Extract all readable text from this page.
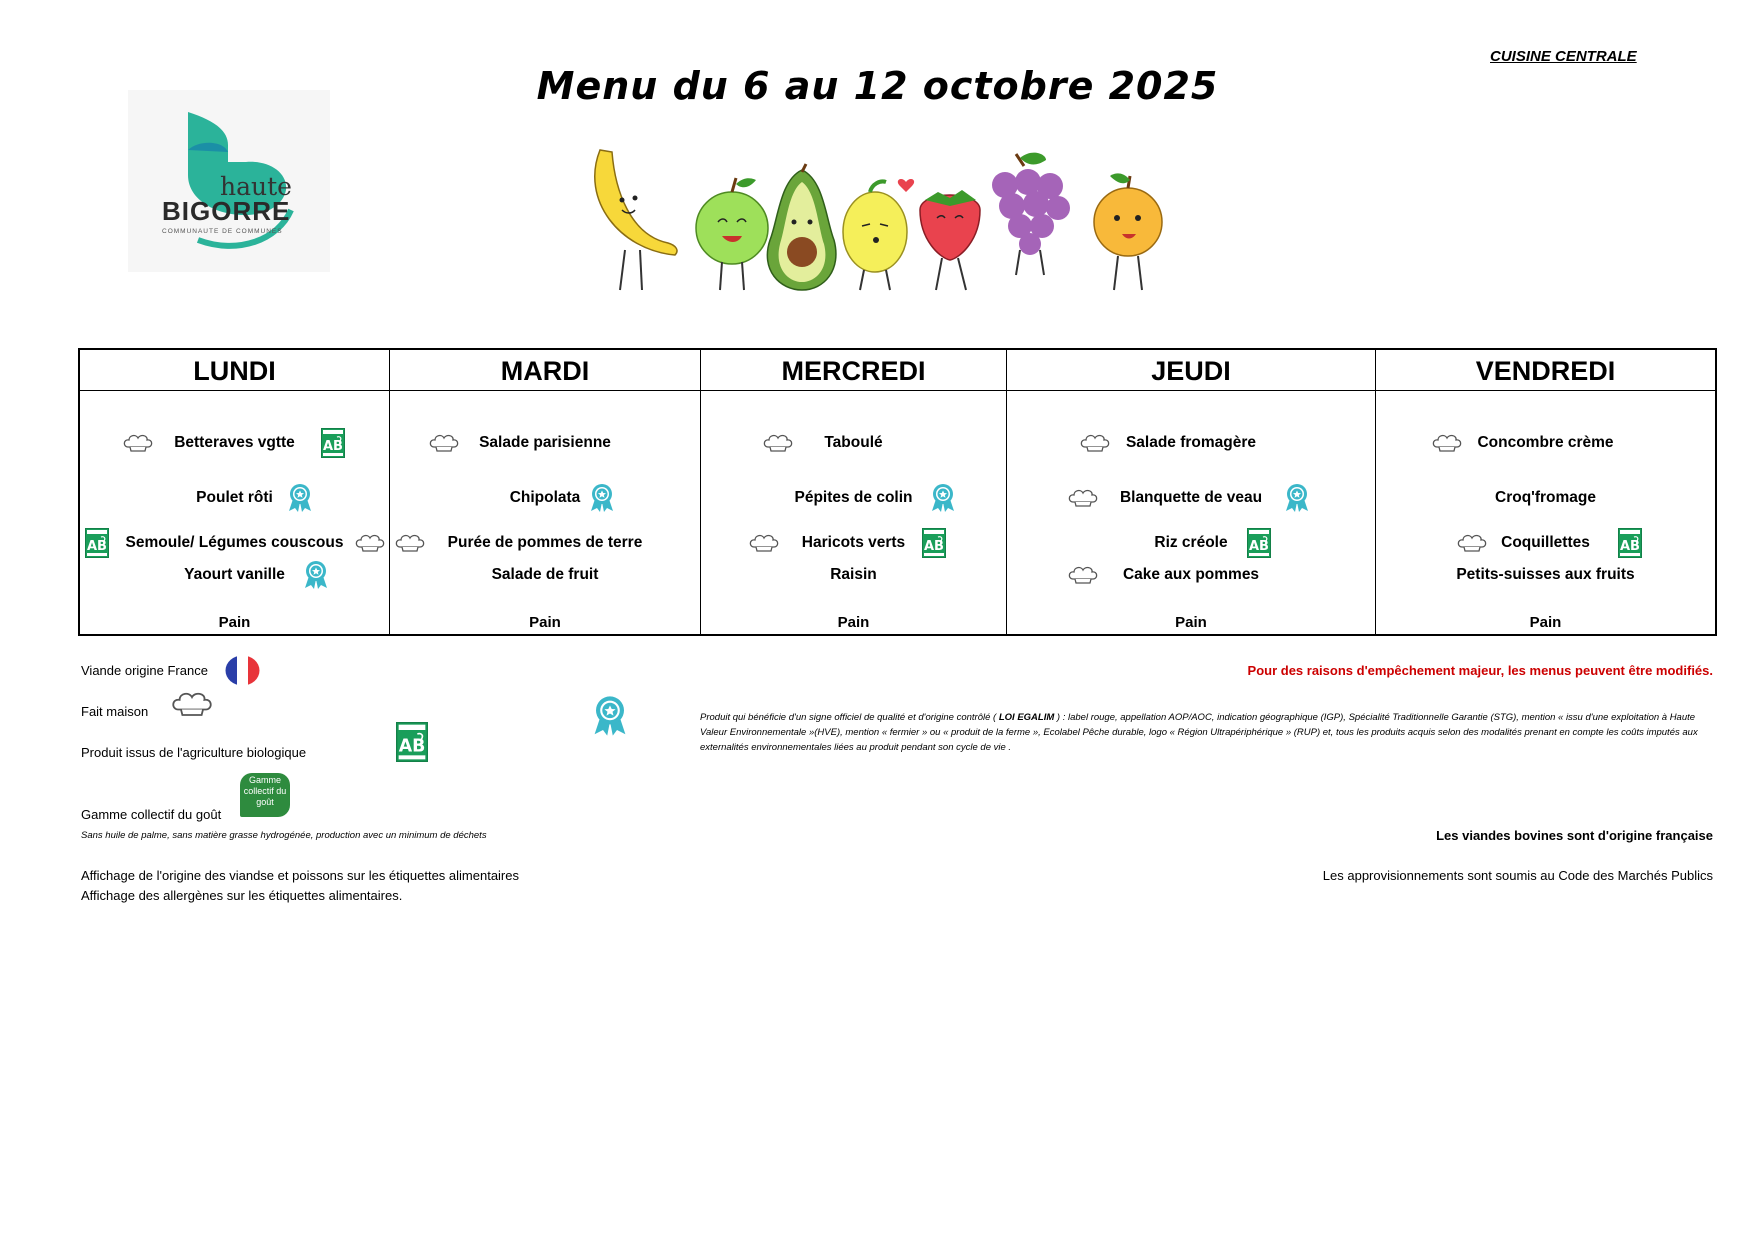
CUISINE CENTRALE
Menu du 6 au 12 octobre 2025
haute
BIGORRE
COMMUNAUTE DE COMMUNES
LUNDI
Betteraves vgtte
Poulet rôti
Semoule/ Légumes couscous
Yaourt vanille
Pain
MARDI
Salade parisienne
Chipolata
Purée de pommes de terre
Salade de fruit
Pain
MERCREDI
Taboulé
Pépites de colin
Haricots verts
Raisin
Pain
JEUDI
Salade fromagère
Blanquette de veau
Riz créole
Cake aux pommes
Pain
VENDREDI
Concombre crème
Croq'fromage
Coquillettes
Petits-suisses aux fruits
Pain
Viande origine France
Fait maison
Produit issus de l'agriculture biologique
Gamme collectif du goût
Gamme collectif du goût
Sans huile de palme, sans matière grasse hydrogénée, production avec un minimum de déchets
Affichage de l'origine des viandse et poissons sur les étiquettes alimentaires
Affichage des allergènes sur les étiquettes alimentaires.
Pour des raisons d'empêchement majeur, les menus peuvent être modifiés.
Produit qui bénéficie d'un signe officiel de qualité et d'origine contrôlé ( LOI EGALIM ) : label rouge, appellation AOP/AOC, indication géographique (IGP), Spécialité Traditionnelle Garantie (STG), mention « issu d'une exploitation à Haute Valeur Environnementale »(HVE), mention « fermier » ou « produit de la ferme », Ecolabel Pêche durable, logo « Région Ultrapériphérique » (RUP) et, tous les produits acquis selon des modalités prenant en compte les coûts imputés aux externalités environnementales liées au produit pendant son cycle de vie .
Les viandes bovines sont d'origine française
Les approvisionnements sont soumis au Code des Marchés Publics
